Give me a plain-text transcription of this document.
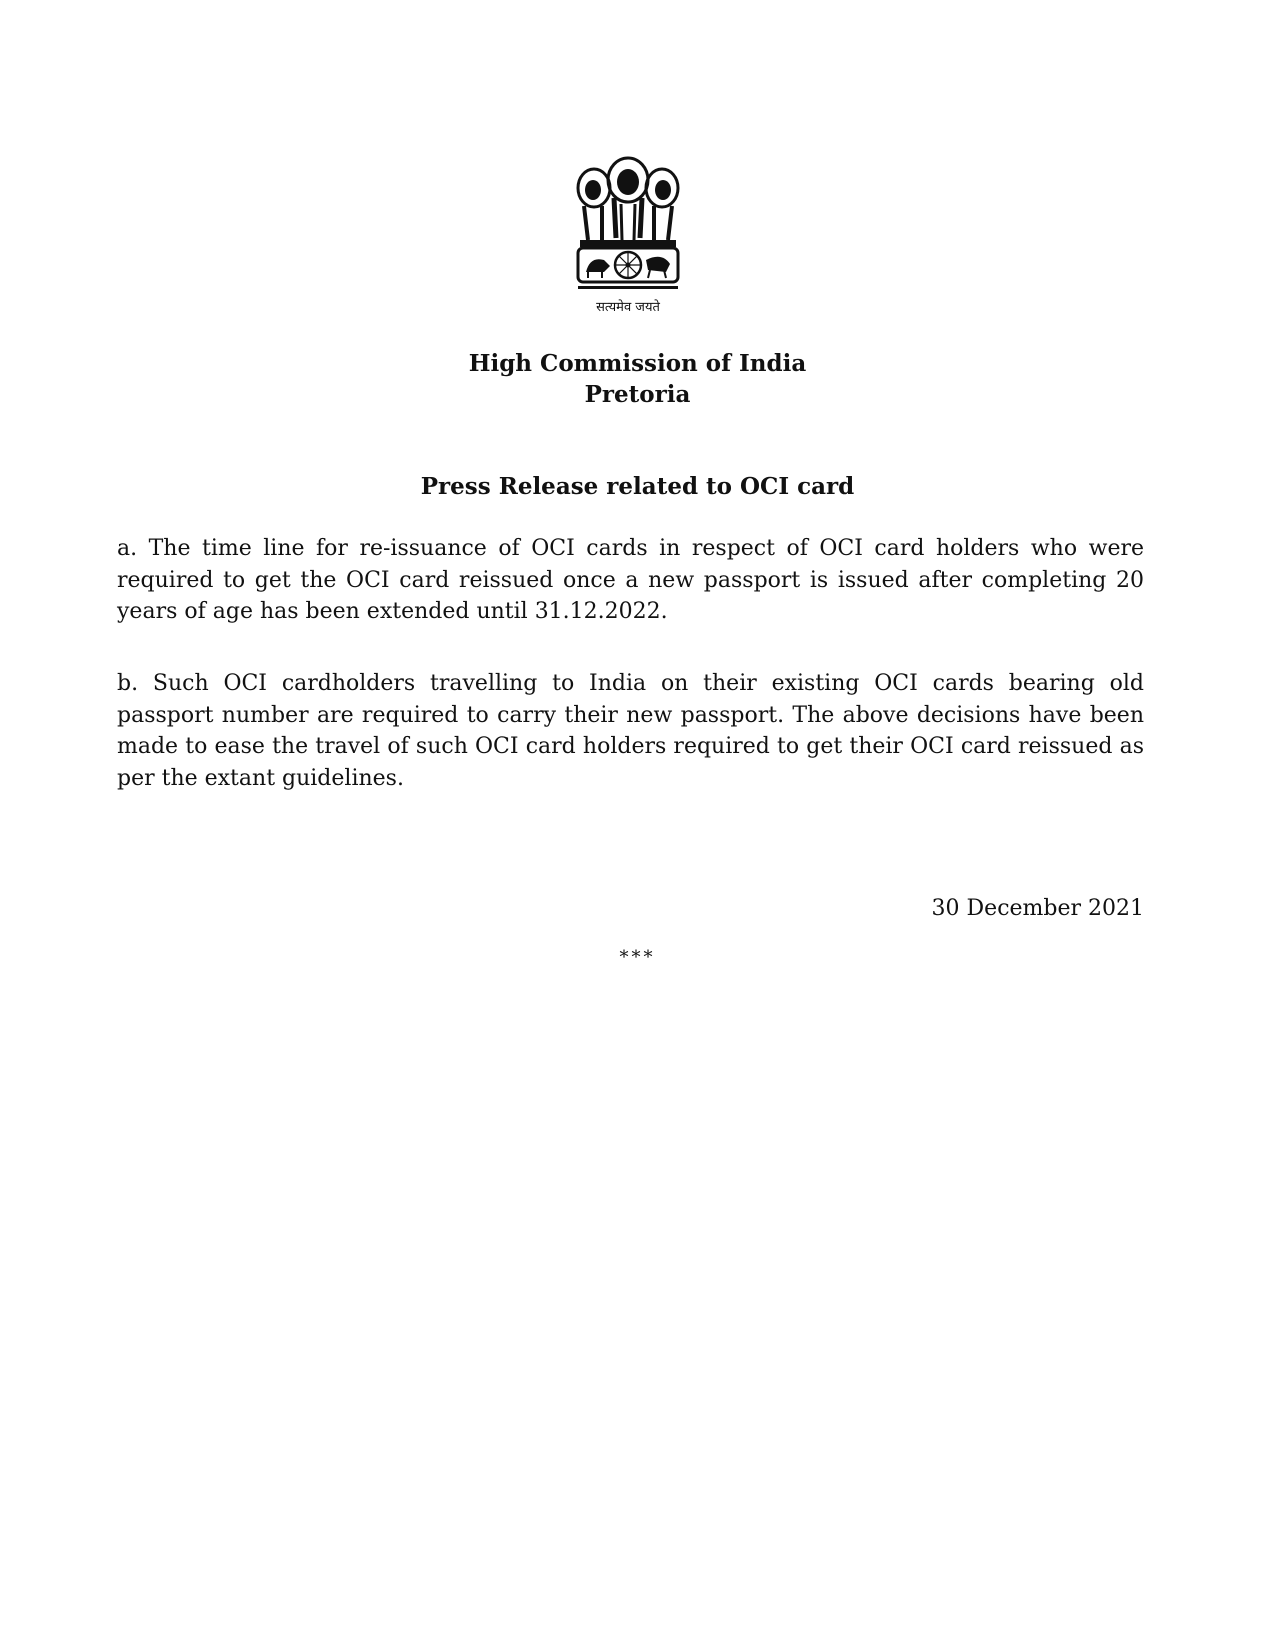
सत्यमेव जयते
High Commission of India
Pretoria
Press Release related to OCI card

a. The time line for re-issuance of OCI cards in respect of OCI card holders who were required to get the OCI card reissued once a new passport is issued after completing 20 years of age has been extended until 31.12.2022.

b. Such OCI cardholders travelling to India on their existing OCI cards bearing old passport number are required to carry their new passport. The above decisions have been made to ease the travel of such OCI card holders required to get their OCI card reissued as per the extant guidelines.

30 December 2021
***
